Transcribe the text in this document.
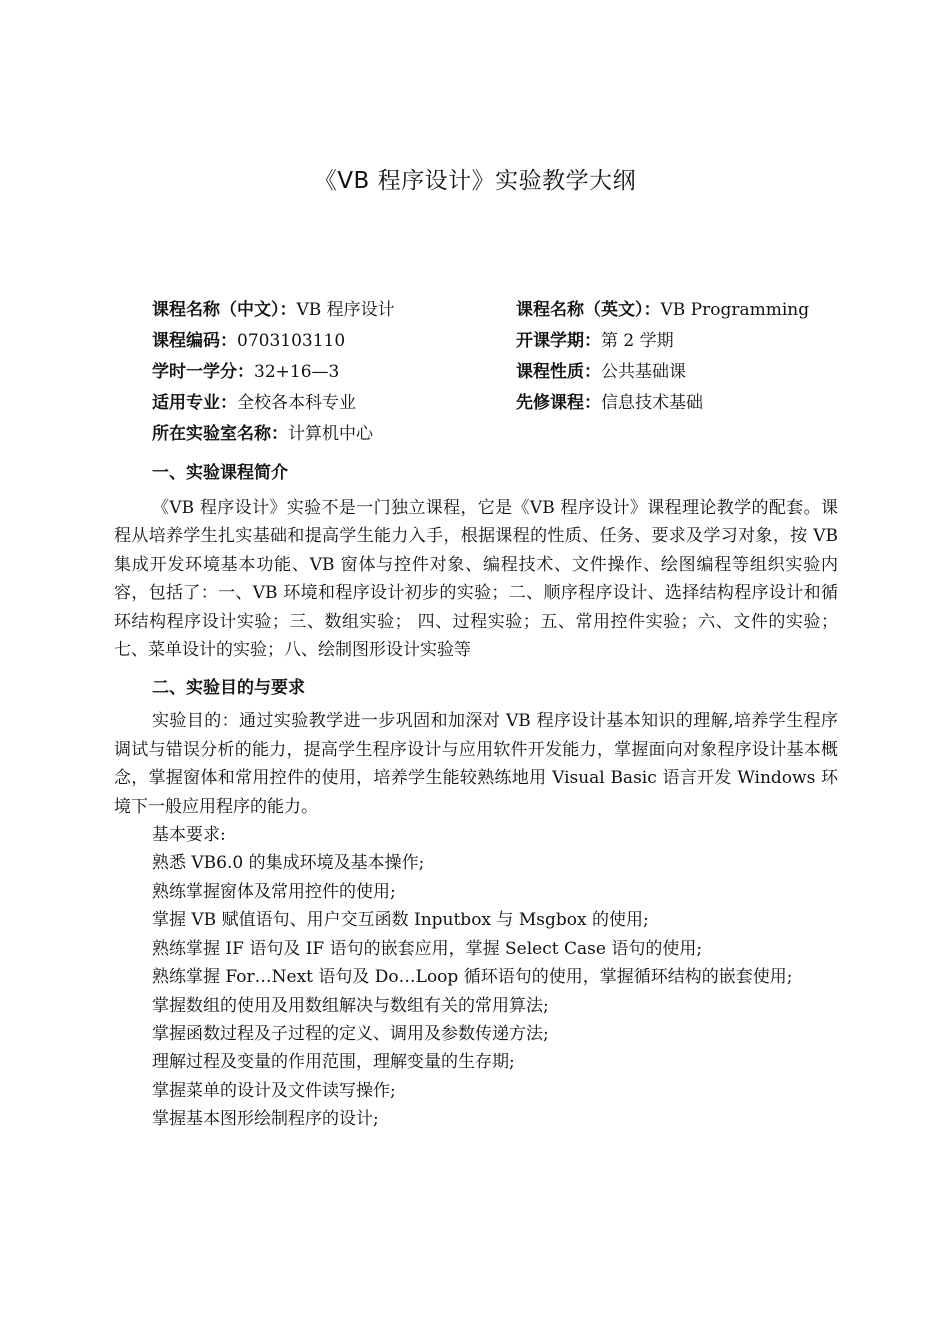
《VB 程序设计》实验教学大纲
课程名称（中文）：VB 程序设计	课程名称（英文）：VB Programming
课程编码：0703103110	开课学期：第 2 学期
学时一学分：32+16—3	课程性质：公共基础课
适用专业：全校各本科专业	先修课程：信息技术基础
所在实验室名称：计算机中心
一、实验课程简介

《VB 程序设计》实验不是一门独立课程，它是《VB 程序设计》课程理论教学的配套。课程从培养学生扎实基础和提高学生能力入手，根据课程的性质、任务、要求及学习对象，按 VB 集成开发环境基本功能、VB 窗体与控件对象、编程技术、文件操作、绘图编程等组织实验内容，包括了：一、VB 环境和程序设计初步的实验；二、顺序程序设计、选择结构程序设计和循环结构程序设计实验；三、数组实验； 四、过程实验；五、常用控件实验；六、文件的实验；七、菜单设计的实验；八、绘制图形设计实验等

二、实验目的与要求

实验目的：通过实验教学进一步巩固和加深对 VB 程序设计基本知识的理解,培养学生程序调试与错误分析的能力，提高学生程序设计与应用软件开发能力，掌握面向对象程序设计基本概念，掌握窗体和常用控件的使用，培养学生能较熟练地用 Visual Basic 语言开发 Windows 环境下一般应用程序的能力。

基本要求:

熟悉 VB6.0 的集成环境及基本操作;

熟练掌握窗体及常用控件的使用;

掌握 VB 赋值语句、用户交互函数 Inputbox 与 Msgbox 的使用;

熟练掌握 IF 语句及 IF 语句的嵌套应用，掌握 Select Case 语句的使用;

熟练掌握 For…Next 语句及 Do…Loop 循环语句的使用，掌握循环结构的嵌套使用;

掌握数组的使用及用数组解决与数组有关的常用算法;

掌握函数过程及子过程的定义、调用及参数传递方法;

理解过程及变量的作用范围，理解变量的生存期;

掌握菜单的设计及文件读写操作;

掌握基本图形绘制程序的设计;
